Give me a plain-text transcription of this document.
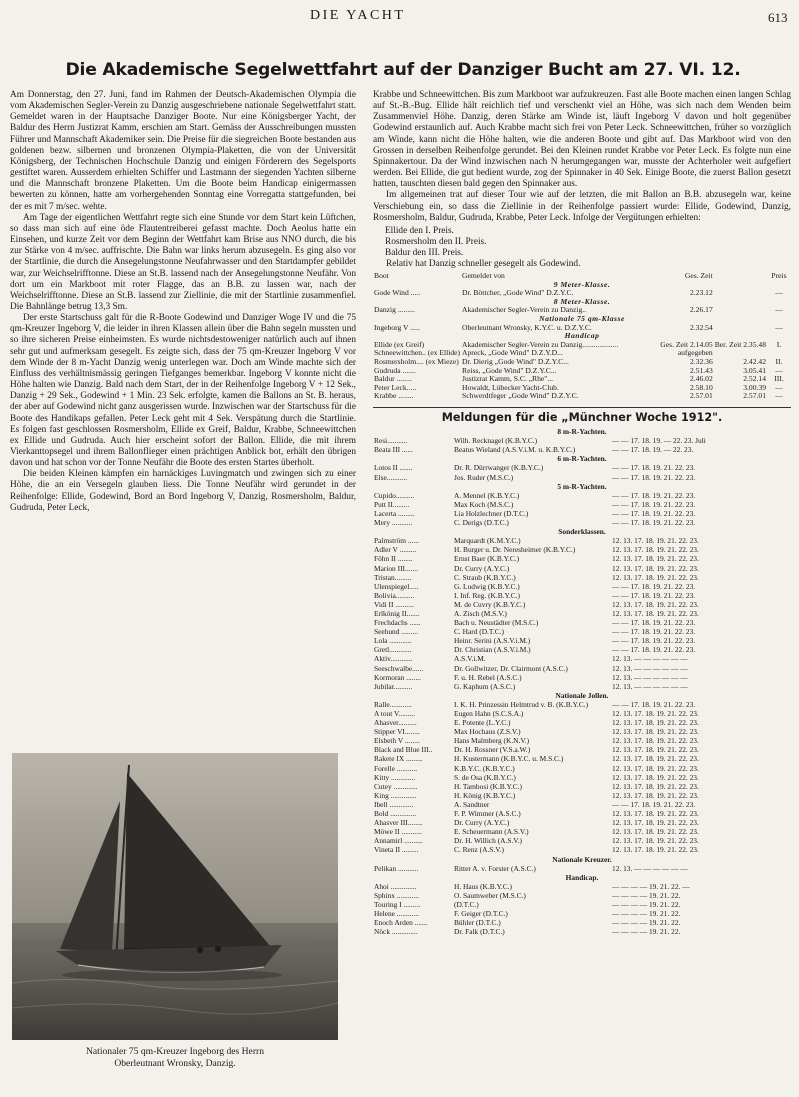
DIE YACHT	613
Die Akademische Segelwettfahrt auf der Danziger Bucht am 27. VI. 12.

Am Donnerstag, den 27. Juni, fand im Rahmen der Deutsch-Akademischen Olympia die vom Akademischen Segler-Verein zu Danzig ausgeschriebene nationale Segelwettfahrt statt. Gemeldet waren in der Hauptsache Danziger Boote. Nur eine Königsberger Yacht, der Baldur des Herrn Justizrat Kamm, erschien am Start. Gemäss der Ausschreibungen mussten Führer und Mannschaft Akademiker sein. Die Preise für die siegreichen Boote bestanden aus goldenen bezw. silbernen und bronzenen Olympia-Plaketten, die von der Universität Königsberg, der Technischen Hochschule Danzig und einigen Förderern des Segelsports gestiftet waren. Ausserdem erhielten Schiffer und Lastmann der siegenden Yachten silberne und die Mannschaft bronzene Plaketten. Um die Boote beim Handicap einigermassen bewerten zu können, hatte am vorhergehenden Sonntag eine Vorregatta stattgefunden, bei der es mit 7 m/sec. wehte.

Am Tage der eigentlichen Wettfahrt regte sich eine Stunde vor dem Start kein Lüftchen, so dass man sich auf eine öde Flautentreiberei gefasst machte. Doch Aeolus hatte ein Einsehen, und kurze Zeit vor dem Beginn der Wettfahrt kam Brise aus NNO durch, die bis zur Stärke von 4 m/sec. auffrischte. Die Bahn war links herum abzusegeln. Es ging also vor der Startlinie, die durch die Ansegelungstonne Neufahrwasser und den Startdampfer gebildet war, zur Weichselrifftonne. Diese an St.B. lassend nach der Ansegelungstonne Neufähr. Von dort um ein Markboot mit roter Flagge, das an B.B. zu lassen war, nach der Weichselrifftonne. Diese an St.B. lassend zur Ziellinie, die mit der Startlinie zusammenfiel. Die Bahnlänge betrug 13,3 Sm.

Der erste Startschuss galt für die R-Boote Godewind und Danziger Woge IV und die 75 qm-Kreuzer Ingeborg V, die leider in ihren Klassen allein über die Bahn segeln mussten und so ihre sicheren Preise einheimsten. Es wurde nichtsdestoweniger natürlich auch auf ihnen sehr gut und aufmerksam gesegelt. Es zeigte sich, dass der 75 qm-Kreuzer Ingeborg V vor dem Winde der 8 m-Yacht Danzig wenig unterlegen war. Doch am Winde machte sich der Einfluss des verhältnismässig geringen Tiefganges bemerkbar. Ingeborg V konnte nicht die Höhe halten wie Danzig. Bald nach dem Start, der in der Reihenfolge Ingeborg V + 12 Sek., Danzig + 29 Sek., Godewind + 1 Min. 23 Sek. erfolgte, kamen die Ballons an St. B. heraus, der aber auf Godewind nicht ganz ausgerissen wurde. Inzwischen war der Startschuss für die Boote des Handikaps gefallen. Peter Leck geht mit 4 Sek. Verspätung durch die Startlinie. Es folgen fast geschlossen Rosmersholm, Ellide ex Greif, Baldur, Krabbe, Schneewittchen ex Ellide und Gudruda. Auch hier erscheint sofort der Ballon. Ellide, die mit ihrem Vierkanttopsegel und ihrem Ballonflieger einen prächtigen Anblick bot, erhält den übrigen davon und hat schon vor der Tonne Neufähr die Boote des ersten Startes überholt.

Die beiden Kleinen kämpfen ein harnäckiges Luvingmatch und zwingen sich zu einer Höhe, die an ein Versegeln glauben liess. Die Tonne Neufähr wird gerundet in der Reihenfolge: Ellide, Godewind, Bord an Bord Ingeborg V, Danzig, Rosmersholm, Baldur, Gudruda, Peter Leck,

Krabbe und Schneewittchen. Bis zum Markboot war aufzukreuzen. Fast alle Boote machen einen langen Schlag auf St.-B.-Bug. Ellide hält reichlich tief und verschenkt viel an Höhe, was sich nach dem Wenden beim Zusammenviel Höhe. Danzig, deren Stärke am Winde ist, läuft Ingeborg V davon und holt gegenüber Godewind erstaunlich auf. Auch Krabbe macht sich frei von Peter Leck. Schneewittchen, früher so vorzüglich am Winde, kann nicht die Höhe halten, wie die anderen Boote und gibt auf. Das Markboot wird von den Grossen in derselben Reihenfolge gerundet. Bei den Kleinen rundet Krabbe vor Peter Leck. Es folgte nun eine Spinnakertour. Da der Wind inzwischen nach N herumgegangen war, musste der Achterholer weit aufgefiert werden. Bei Ellide, die gut bedient wurde, zog der Spinnaker in 40 Sek. Einige Boote, die zuerst Ballon gesetzt hatten, tauschten diesen bald gegen den Spinnaker aus.

Im allgemeinen trat auf dieser Tour wie auf der letzten, die mit Ballon an B.B. abzusegeln war, keine Verschiebung ein, so dass die Ziellinie in der Reihenfolge passiert wurde: Ellide, Godewind, Danzig, Rosmersholm, Baldur, Gudruda, Krabbe, Peter Leck. Infolge der Vergütungen erhielten:

Ellide den I. Preis.
Rosmersholm den II. Preis.
Baldur den III. Preis.

Relativ hat Danzig schneller gesegelt als Godewind.

Boot	Gemeldet von	Ges. Zeit		Preis
9 Meter-Klasse.				
Gode Wind .....	Dr. Böttcher, „Gode Wind" D.Z.Y.C.	2.23.12		—
8 Meter-Klasse.				
Danzig .........	Akademischer Segler-Verein zu Danzig..	2.26.17		—
Nationale 75 qm-Klasse				
Ingeborg V .....	Oberleutnant Wronsky, K.Y.C. u. D.Z.Y.C.	2.32.54		—
Handicap				
Ellide (ex Greif)	Akademischer Segler-Verein zu Danzig...................	Ges. Zeit 2.14.05	Ber. Zeit 2.35.48	I.
Schneewittchen.. (ex Ellide)	Apreck, „Gode Wind" D.Z.Y.D...	aufgegeben		
Rosmersholm.... (ex Mieze)	Dr. Dierig „Gode Wind" D.Z.Y.C...	2.32.36	2.42.42	II.
Gudruda .......	Reiss, „Gode Wind" D.Z.Y.C...	2.51.43	3.05.41	—
Baldur ........	Justizrat Kamm, S.C. „Rhe"...	2.46.02	2.52.14	III.
Peter Leck.....	Howaldt, Lübecker Yacht-Club.	2.58.10	3.00.39	—
Krabbe ........	Schwerdtfeger „Gode Wind" D.Z.Y.C.	2.57.01	2.57.01	—
Meldungen für die „Münchner Woche 1912".
8 m-R-Yachten.		
Resi...........	Wilh. Recknagel (K.B.Y.C.)	— — 17. 18. 19. — 22. 23. Juli
Beata III ......	Beatus Wieland (A.S.V.i.M. u. K.B.Y.C.)	— — 17. 18. 19. — 22. 23.
6 m-R-Yachten.		
Lotos II .......	Dr. R. Dürrwanger (K.B.Y.C.)	— — 17. 18. 19. 21. 22. 23.
Else...........	Jos. Ruder (M.S.C.)	— — 17. 18. 19. 21. 22. 23.
5 m-R-Yachten.		
Cupido..........	A. Mennel (K.B.Y.C.)	— — 17. 18. 19. 21. 22. 23.
Putt II.........	Max Koch (M.S.C.)	— — 17. 18. 19. 21. 22. 23.
Lacerta .........	Lia Holzlechner (D.T.C.)	— — 17. 18. 19. 21. 22. 23.
Mery ...........	C. Derigs (D.T.C.)	— — 17. 18. 19. 21. 22. 23.
Sonderklassen.		
Palmström ......	Marquardt (K.M.Y.C.)	12. 13. 17. 18. 19. 21. 22. 23.
Adler V .........	H. Burger u. Dr. Neresheimer (K.B.Y.C.)	12. 13. 17. 18. 19. 21. 22. 23.
Föhn II ........	Ernst Baer (K.B.Y.C.)	12. 13. 17. 18. 19. 21. 22. 23.
Marion III.......	Dr. Curry (A.Y.C.)	12. 13. 17. 18. 19. 21. 22. 23.
Tristan.........	C. Straub (K.B.Y.C.)	12. 13. 17. 18. 19. 21. 22. 23.
Ulenspiegel.....	G. Ludwig (K.B.Y.C.)	— — 17. 18. 19. 21. 22. 23.
Bolivia..........	I. Inf. Reg. (K.B.Y.C.)	— — 17. 18. 19. 21. 22. 23.
Vidi II ..........	M. de Cuvry (K.B.Y.C.)	12. 13. 17. 18. 19. 21. 22. 23.
Erlkönig II.......	A. Zisch (M.S.V.)	12. 13. 17. 18. 19. 21. 22. 23.
Frechdachs ......	Bach u. Neustädter (M.S.C.)	— — 17. 18. 19. 21. 22. 23.
Seehund .........	C. Hard (D.T.C.)	— — 17. 18. 19. 21. 22. 23.
Lola ............	Heinr. Serini (A.S.V.i.M.)	— — 17. 18. 19. 21. 22. 23.
Gretl............	Dr. Christian (A.S.V.i.M.)	— — 17. 18. 19. 21. 22. 23.
Aktiv............	A.S.V.i.M.	12. 13. — — — — — —
Seeschwalbe......	Dr. Gollwitzer, Dr. Clairmont (A.S.C.)	12. 13. — — — — — —
Kormoran ........	F. u. H. Rebel (A.S.C.)	12. 13. — — — — — —
Jubilar..........	G. Kaphum (A.S.C.)	12. 13. — — — — — —
Nationale Jollen.		
Ralle............	I. K. H. Prinzessin Helmtrud v. B. (K.B.Y.C.)	— — 17. 18. 19. 21. 22. 23.
A tout V.........	Eugen Hahn (S.C.S.A.)	12. 13. 17. 18. 19. 21. 22. 23.
Ahasver..........	E. Potente (L.Y.C.)	12. 13. 17. 18. 19. 21. 22. 23.
Stipper VI........	Max Hochaus (Z.S.V.)	12. 13. 17. 18. 19. 21. 22. 23.
Elsbeth V ........	Hans Malmberg (K.N.V.)	12. 13. 17. 18. 19. 21. 22. 23.
Black and Blue III..	Dr. H. Rossner (V.S.a.W.)	12. 13. 17. 18. 19. 21. 22. 23.
Rakete IX .........	H. Kustermann (K.B.Y.C. u. M.S.C.)	12. 13. 17. 18. 19. 21. 22. 23.
Forelle ...........	K.B.Y.C. (K.B.Y.C.)	12. 13. 17. 18. 19. 21. 22. 23.
Kitty .............	S. de Osa (K.B.Y.C.)	12. 13. 17. 18. 19. 21. 22. 23.
Cutey .............	H. Tambosi (K.B.Y.C.)	12. 13. 17. 18. 19. 21. 22. 23.
King ..............	H. König (K.B.Y.C.)	12. 13. 17. 18. 19. 21. 22. 23.
Ibell .............	A. Sandtner	— — 17. 18. 19. 21. 22. 23.
Bold ..............	F. P. Wimmer (A.S.C.)	12. 13. 17. 18. 19. 21. 22. 23.
Ahasver III........	Dr. Curry (A.Y.C.)	12. 13. 17. 18. 19. 21. 22. 23.
Möwe II ...........	E. Scheuermann (A.S.V.)	12. 13. 17. 18. 19. 21. 22. 23.
Annamirl ..........	Dr. H. Willich (A.S.V.)	12. 13. 17. 18. 19. 21. 22. 23.
Vineta II .........	C. Renz (A.S.V.)	12. 13. 17. 18. 19. 21. 22. 23.
Nationale Kreuzer.		
Pelikan ...........	Ritter A. v. Forster (A.S.C.)	12. 13. — — — — — —
Handicap.		
Ahoi ..............	H. Haus (K.B.Y.C.)	— — — — 19. 21. 22. —
Sphinx ............	O. Saumweber (M.S.C.)	— — — — 19. 21. 22.
Touring I .........	(D.T.C.)	— — — — 19. 21. 22.
Helene ............	F. Geiger (D.T.C.)	— — — — 19. 21. 22.
Enoch Arden .......	Bühler (D.T.C.)	— — — — 19. 21. 22.
Nöck ..............	Dr. Falk (D.T.C.)	— — — — 19. 21. 22.
Nationaler 75 qm-Kreuzer Ingeborg des Herrn
Oberleutnant Wronsky, Danzig.
